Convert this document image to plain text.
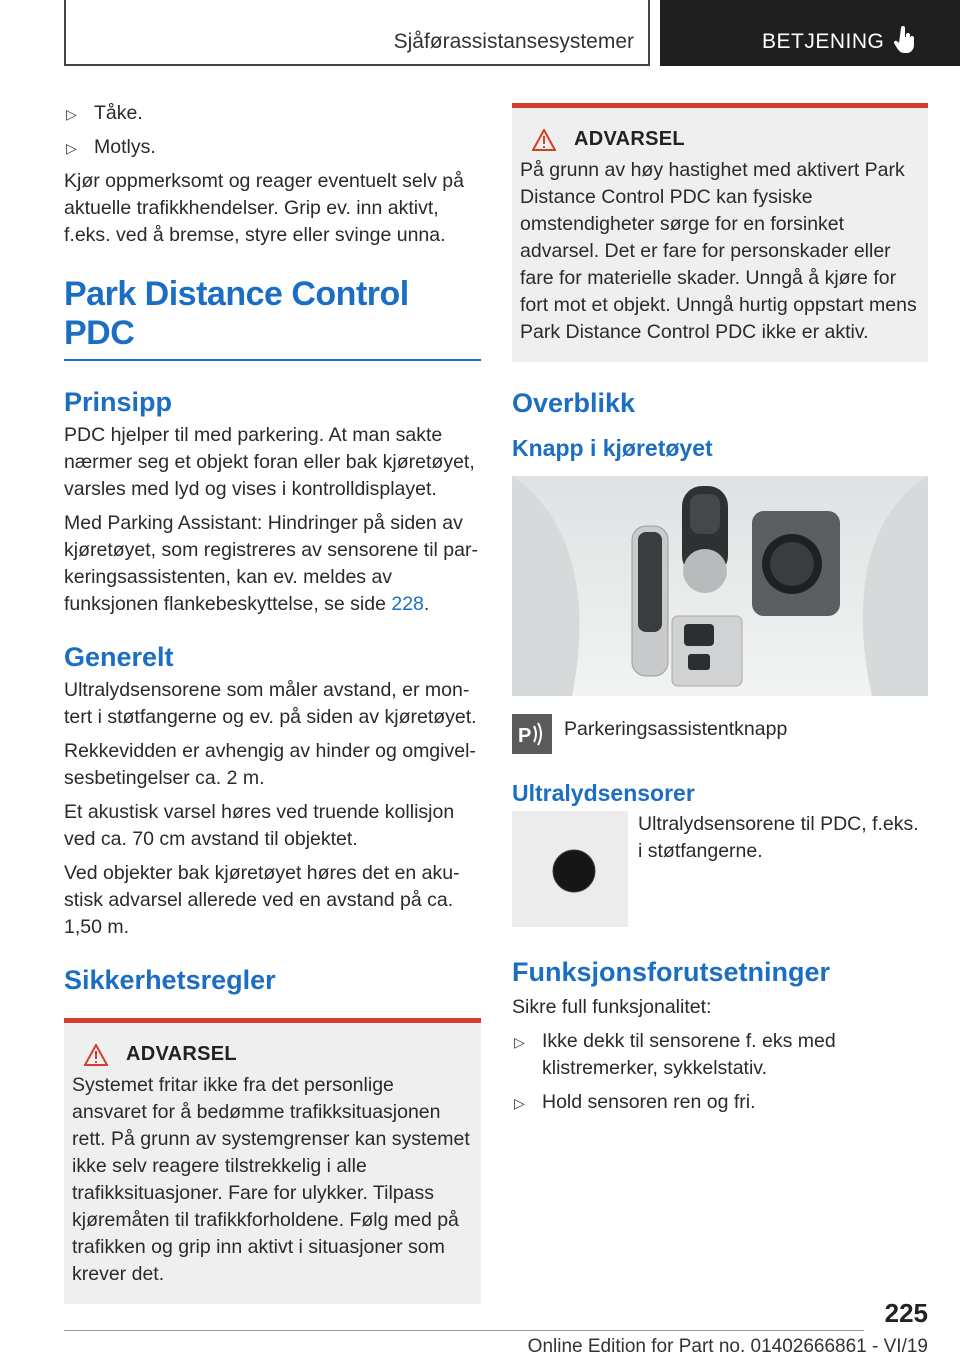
Sjåførassistansesystemer	BETJENING
▷ Tåke.
▷ Motlys.

Kjør oppmerksomt og reager eventuelt selv på aktuelle trafikkhendelser. Grip ev. inn aktivt, f.eks. ved å bremse, styre eller svinge unna.

Park Distance Control PDC
Prinsipp

PDC hjelper til med parkering. At man sakte nærmer seg et objekt foran eller bak kjøretøyet, varsles med lyd og vises i kontrolldisplayet.

Med Parking Assistant: Hindringer på siden av kjøretøyet, som registreres av sensorene til parkeringsassistenten, kan ev. meldes av funksjonen flankebeskyttelse, se side 228.

Generelt

Ultralydsensorene som måler avstand, er montert i støtfangerne og ev. på siden av kjøretøyet.

Rekkevidden er avhengig av hinder og omgivelsesbetingelser ca. 2 m.

Et akustisk varsel høres ved truende kollisjon ved ca. 70 cm avstand til objektet.

Ved objekter bak kjøretøyet høres det en akustisk advarsel allerede ved en avstand på ca. 1,50 m.

Sikkerhetsregler
ADVARSEL

Systemet fritar ikke fra det personlige ansvaret for å bedømme trafikksituasjonen rett. På grunn av systemgrenser kan systemet ikke selv reagere tilstrekkelig i alle trafikksituasjoner. Fare for ulykker. Tilpass kjøremåten til trafikkforholdene. Følg med på trafikken og grip inn aktivt i situasjoner som krever det.

ADVARSEL

På grunn av høy hastighet med aktivert Park Distance Control PDC kan fysiske omstendigheter sørge for en forsinket advarsel. Det er fare for personskader eller fare for materielle skader. Unngå å kjøre for fort mot et objekt. Unngå hurtig oppstart mens Park Distance Control PDC ikke er aktiv.

Overblikk
Knapp i kjøretøyet
P Parkeringsassistentknapp

Ultralydsensorer

Ultralydsensorene til PDC, f.eks. i støtfangerne.

Funksjonsforutsetninger

Sikre full funksjonalitet:

▷ Ikke dekk til sensorene f. eks med klistremerker, sykkelstativ.
▷ Hold sensoren ren og fri.
225
Online Edition for Part no. 01402666861 - VI/19
